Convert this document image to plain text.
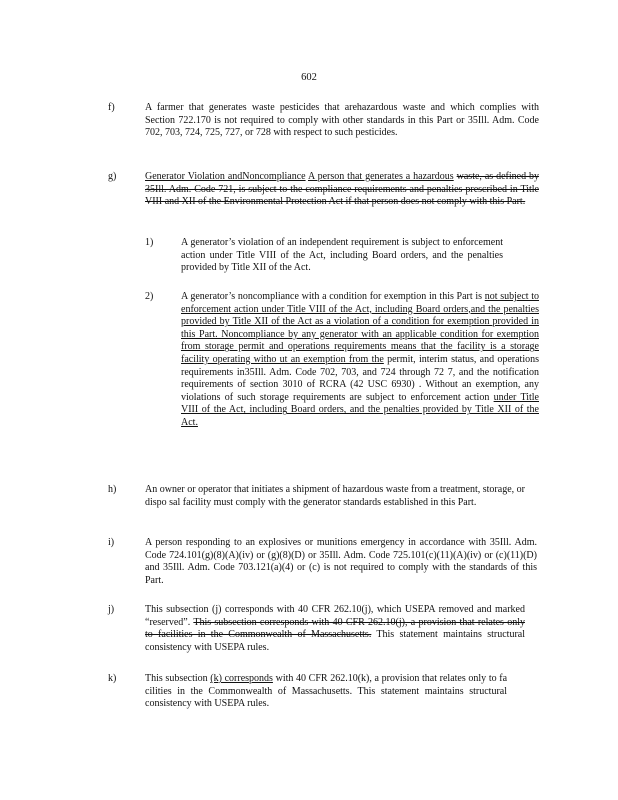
602
f)	A farmer that generates waste pesticides that arehazardous waste and which complies with Section 722.170 is not required to comply with other standards in this Part or 35Ill. Adm. Code 702, 703, 724, 725, 727, or 728 with respect to such pesticides.
g)	Generator Violation andNoncompliance A person that generates a hazardous waste, as defined by 35Ill. Adm. Code 721, is subject to the compliance requirements and penalties prescribed in Title VIII and XII of the Environmental Protection Act if that person does not comply with this Part.
1)	A generator’s violation of an independent requirement is subject to enforcement action under Title VIII of the Act, including Board orders, and the penalties provided by Title XII of the Act.
2)	A generator’s noncompliance with a condition for exemption in this Part is not subject to enforcement action under Title VIII of the Act, including Board orders,and the penalties provided by Title XII of the Act as a violation of a condition for exemption provided in this Part. Noncompliance by any generator with an applicable condition for exemption from storage permit and operations requirements means that the facility is a storage facility operating witho ut an exemption from the permit, interim status, and operations requirements in35Ill. Adm. Code 702, 703, and 724 through 72 7, and the notification requirements of section 3010 of RCRA (42 USC 6930) . Without an exemption, any violations of such storage requirements are subject to enforcement action under Title VIII of the Act, including Board orders, and the penalties provided by Title XII of the Act.
h)	An owner or operator that initiates a shipment of hazardous waste from a treatment, storage, or dispo sal facility must comply with the generator standards established in this Part.
i)	A person responding to an explosives or munitions emergency in accordance with 35Ill. Adm. Code 724.101(g)(8)(A)(iv) or (g)(8)(D) or 35Ill. Adm. Code 725.101(c)(11)(A)(iv) or (c)(11)(D) and 35Ill. Adm. Code 703.121(a)(4) or (c) is not required to comply with the standards of this Part.
j)	This subsection (j) corresponds with 40 CFR 262.10(j), which USEPA removed and marked “reserved”. This subsection corresponds with 40 CFR 262.10(j), a provision that relates only to facilities in the Commonwealth of Massachusetts. This statement maintains structural consistency with USEPA rules.
k)	This subsection (k) corresponds with 40 CFR 262.10(k), a provision that relates only to fa cilities in the Commonwealth of Massachusetts. This statement maintains structural consistency with USEPA rules.
